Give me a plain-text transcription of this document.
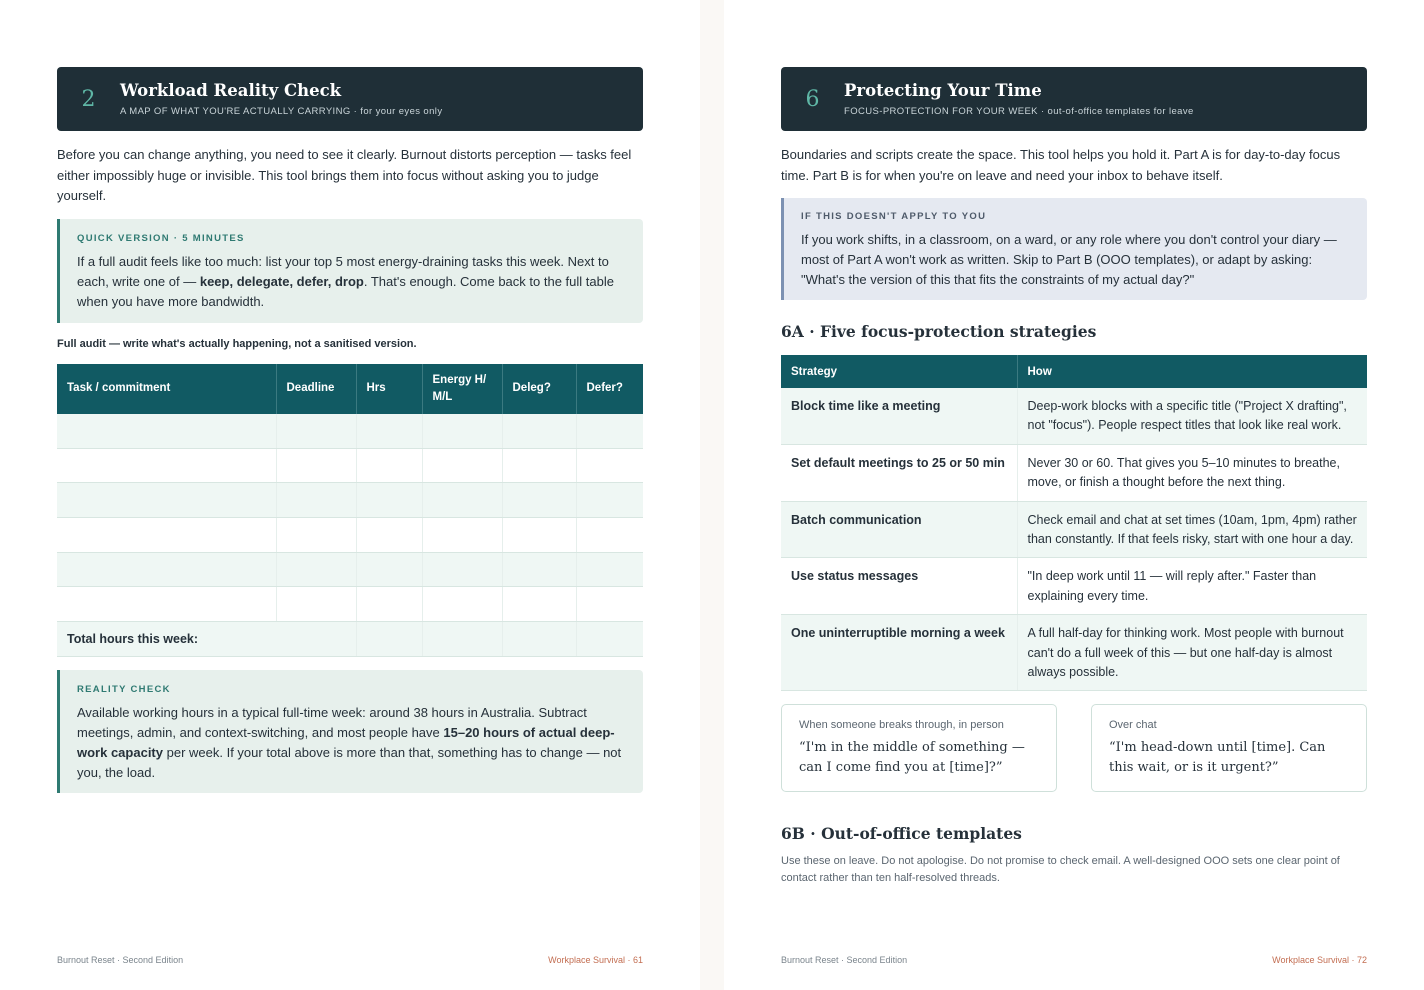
2	Workload Reality Check
A MAP OF WHAT YOU'RE ACTUALLY CARRYING · for your eyes only

Before you can change anything, you need to see it clearly. Burnout distorts perception — tasks feel either impossibly huge or invisible. This tool brings them into focus without asking you to judge yourself.

QUICK VERSION · 5 MINUTES

If a full audit feels like too much: list your top 5 most energy-draining tasks this week. Next to each, write one of — keep, delegate, defer, drop. That's enough. Come back to the full table when you have more bandwidth.

Full audit — write what's actually happening, not a sanitised version.
Task / commitment	Deadline	Hrs	Energy H/ M/L	Deleg?	Defer?

Total hours this week:					
REALITY CHECK

Available working hours in a typical full-time week: around 38 hours in Australia. Subtract meetings, admin, and context-switching, and most people have 15–20 hours of actual deep-work capacity per week. If your total above is more than that, something has to change — not you, the load.

Burnout Reset · Second Edition	Workplace Survival · 61
6	Protecting Your Time
FOCUS-PROTECTION FOR YOUR WEEK · out-of-office templates for leave

Boundaries and scripts create the space. This tool helps you hold it. Part A is for day-to-day focus time. Part B is for when you're on leave and need your inbox to behave itself.

IF THIS DOESN'T APPLY TO YOU

If you work shifts, in a classroom, on a ward, or any role where you don't control your diary — most of Part A won't work as written. Skip to Part B (OOO templates), or adapt by asking: "What's the version of this that fits the constraints of my actual day?"

6A · Five focus-protection strategies
Strategy	How
Block time like a meeting	Deep-work blocks with a specific title ("Project X drafting", not "focus"). People respect titles that look like real work.
Set default meetings to 25 or 50 min	Never 30 or 60. That gives you 5–10 minutes to breathe, move, or finish a thought before the next thing.
Batch communication	Check email and chat at set times (10am, 1pm, 4pm) rather than constantly. If that feels risky, start with one hour a day.
Use status messages	"In deep work until 11 — will reply after." Faster than explaining every time.
One uninterruptible morning a week	A full half-day for thinking work. Most people with burnout can't do a full week of this — but one half-day is almost always possible.
When someone breaks through, in person
“I'm in the middle of something — can I come find you at [time]?”
Over chat
“I'm head-down until [time]. Can this wait, or is it urgent?”
6B · Out-of-office templates

Use these on leave. Do not apologise. Do not promise to check email. A well-designed OOO sets one clear point of contact rather than ten half-resolved threads.

Burnout Reset · Second Edition	Workplace Survival · 72
